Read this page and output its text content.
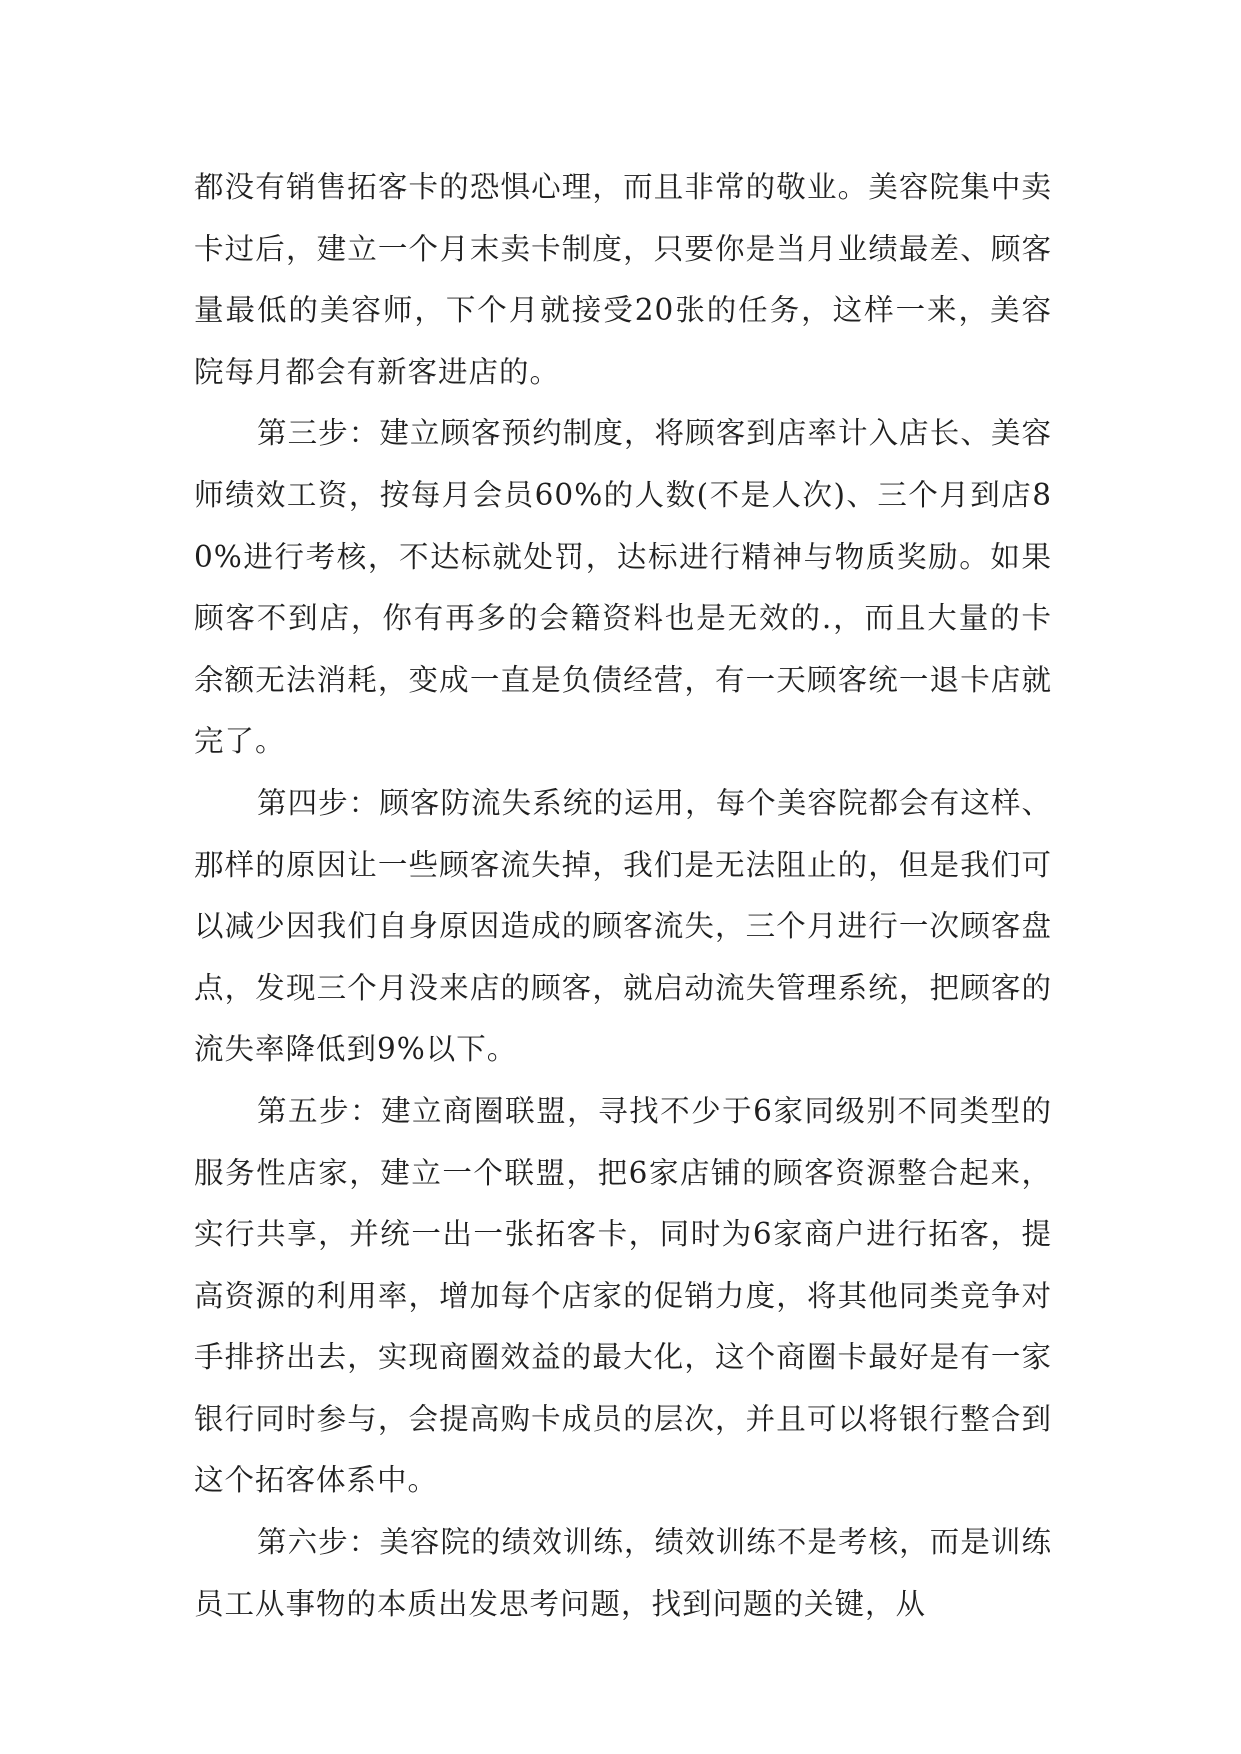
都没有销售拓客卡的恐惧心理，而且非常的敬业。美容院集中卖卡过后，建立一个月末卖卡制度，只要你是当月业绩最差、顾客量最低的美容师，下个月就接受20张的任务，这样一来，美容院每月都会有新客进店的。

第三步：建立顾客预约制度，将顾客到店率计入店长、美容师绩效工资，按每月会员60%的人数(不是人次)、三个月到店80%进行考核，不达标就处罚，达标进行精神与物质奖励。如果顾客不到店，你有再多的会籍资料也是无效的.，而且大量的卡余额无法消耗，变成一直是负债经营，有一天顾客统一退卡店就完了。

第四步：顾客防流失系统的运用，每个美容院都会有这样、那样的原因让一些顾客流失掉，我们是无法阻止的，但是我们可以减少因我们自身原因造成的顾客流失，三个月进行一次顾客盘点，发现三个月没来店的顾客，就启动流失管理系统，把顾客的流失率降低到9%以下。

第五步：建立商圈联盟，寻找不少于6家同级别不同类型的服务性店家，建立一个联盟，把6家店铺的顾客资源整合起来，实行共享，并统一出一张拓客卡，同时为6家商户进行拓客，提高资源的利用率，增加每个店家的促销力度，将其他同类竞争对手排挤出去，实现商圈效益的最大化，这个商圈卡最好是有一家银行同时参与，会提高购卡成员的层次，并且可以将银行整合到这个拓客体系中。

第六步：美容院的绩效训练，绩效训练不是考核，而是训练员工从事物的本质出发思考问题，找到问题的关键，从
